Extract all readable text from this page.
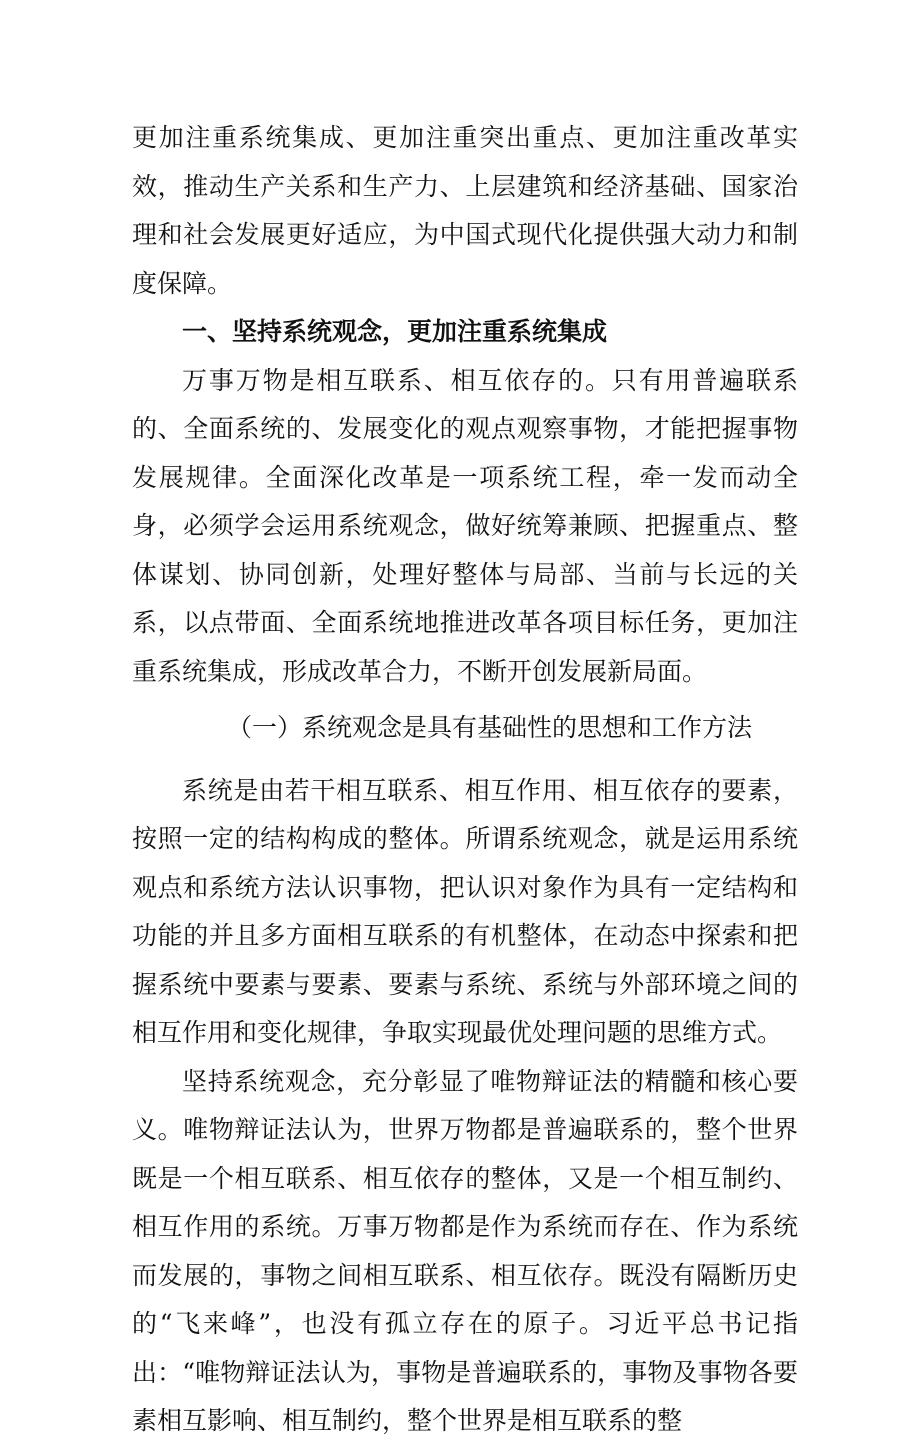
更加注重系统集成、更加注重突出重点、更加注重改革实效，推动生产关系和生产力、上层建筑和经济基础、国家治理和社会发展更好适应，为中国式现代化提供强大动力和制度保障。

一、坚持系统观念，更加注重系统集成

万事万物是相互联系、相互依存的。只有用普遍联系的、全面系统的、发展变化的观点观察事物，才能把握事物发展规律。全面深化改革是一项系统工程，牵一发而动全身，必须学会运用系统观念，做好统筹兼顾、把握重点、整体谋划、协同创新，处理好整体与局部、当前与长远的关系，以点带面、全面系统地推进改革各项目标任务，更加注重系统集成，形成改革合力，不断开创发展新局面。

（一）系统观念是具有基础性的思想和工作方法

系统是由若干相互联系、相互作用、相互依存的要素，按照一定的结构构成的整体。所谓系统观念，就是运用系统观点和系统方法认识事物，把认识对象作为具有一定结构和功能的并且多方面相互联系的有机整体，在动态中探索和把握系统中要素与要素、要素与系统、系统与外部环境之间的相互作用和变化规律，争取实现最优处理问题的思维方式。

坚持系统观念，充分彰显了唯物辩证法的精髓和核心要义。唯物辩证法认为，世界万物都是普遍联系的，整个世界既是一个相互联系、相互依存的整体，又是一个相互制约、相互作用的系统。万事万物都是作为系统而存在、作为系统而发展的，事物之间相互联系、相互依存。既没有隔断历史的“飞来峰”，也没有孤立存在的原子。习近平总书记指出：“唯物辩证法认为，事物是普遍联系的，事物及事物各要素相互影响、相互制约，整个世界是相互联系的整
